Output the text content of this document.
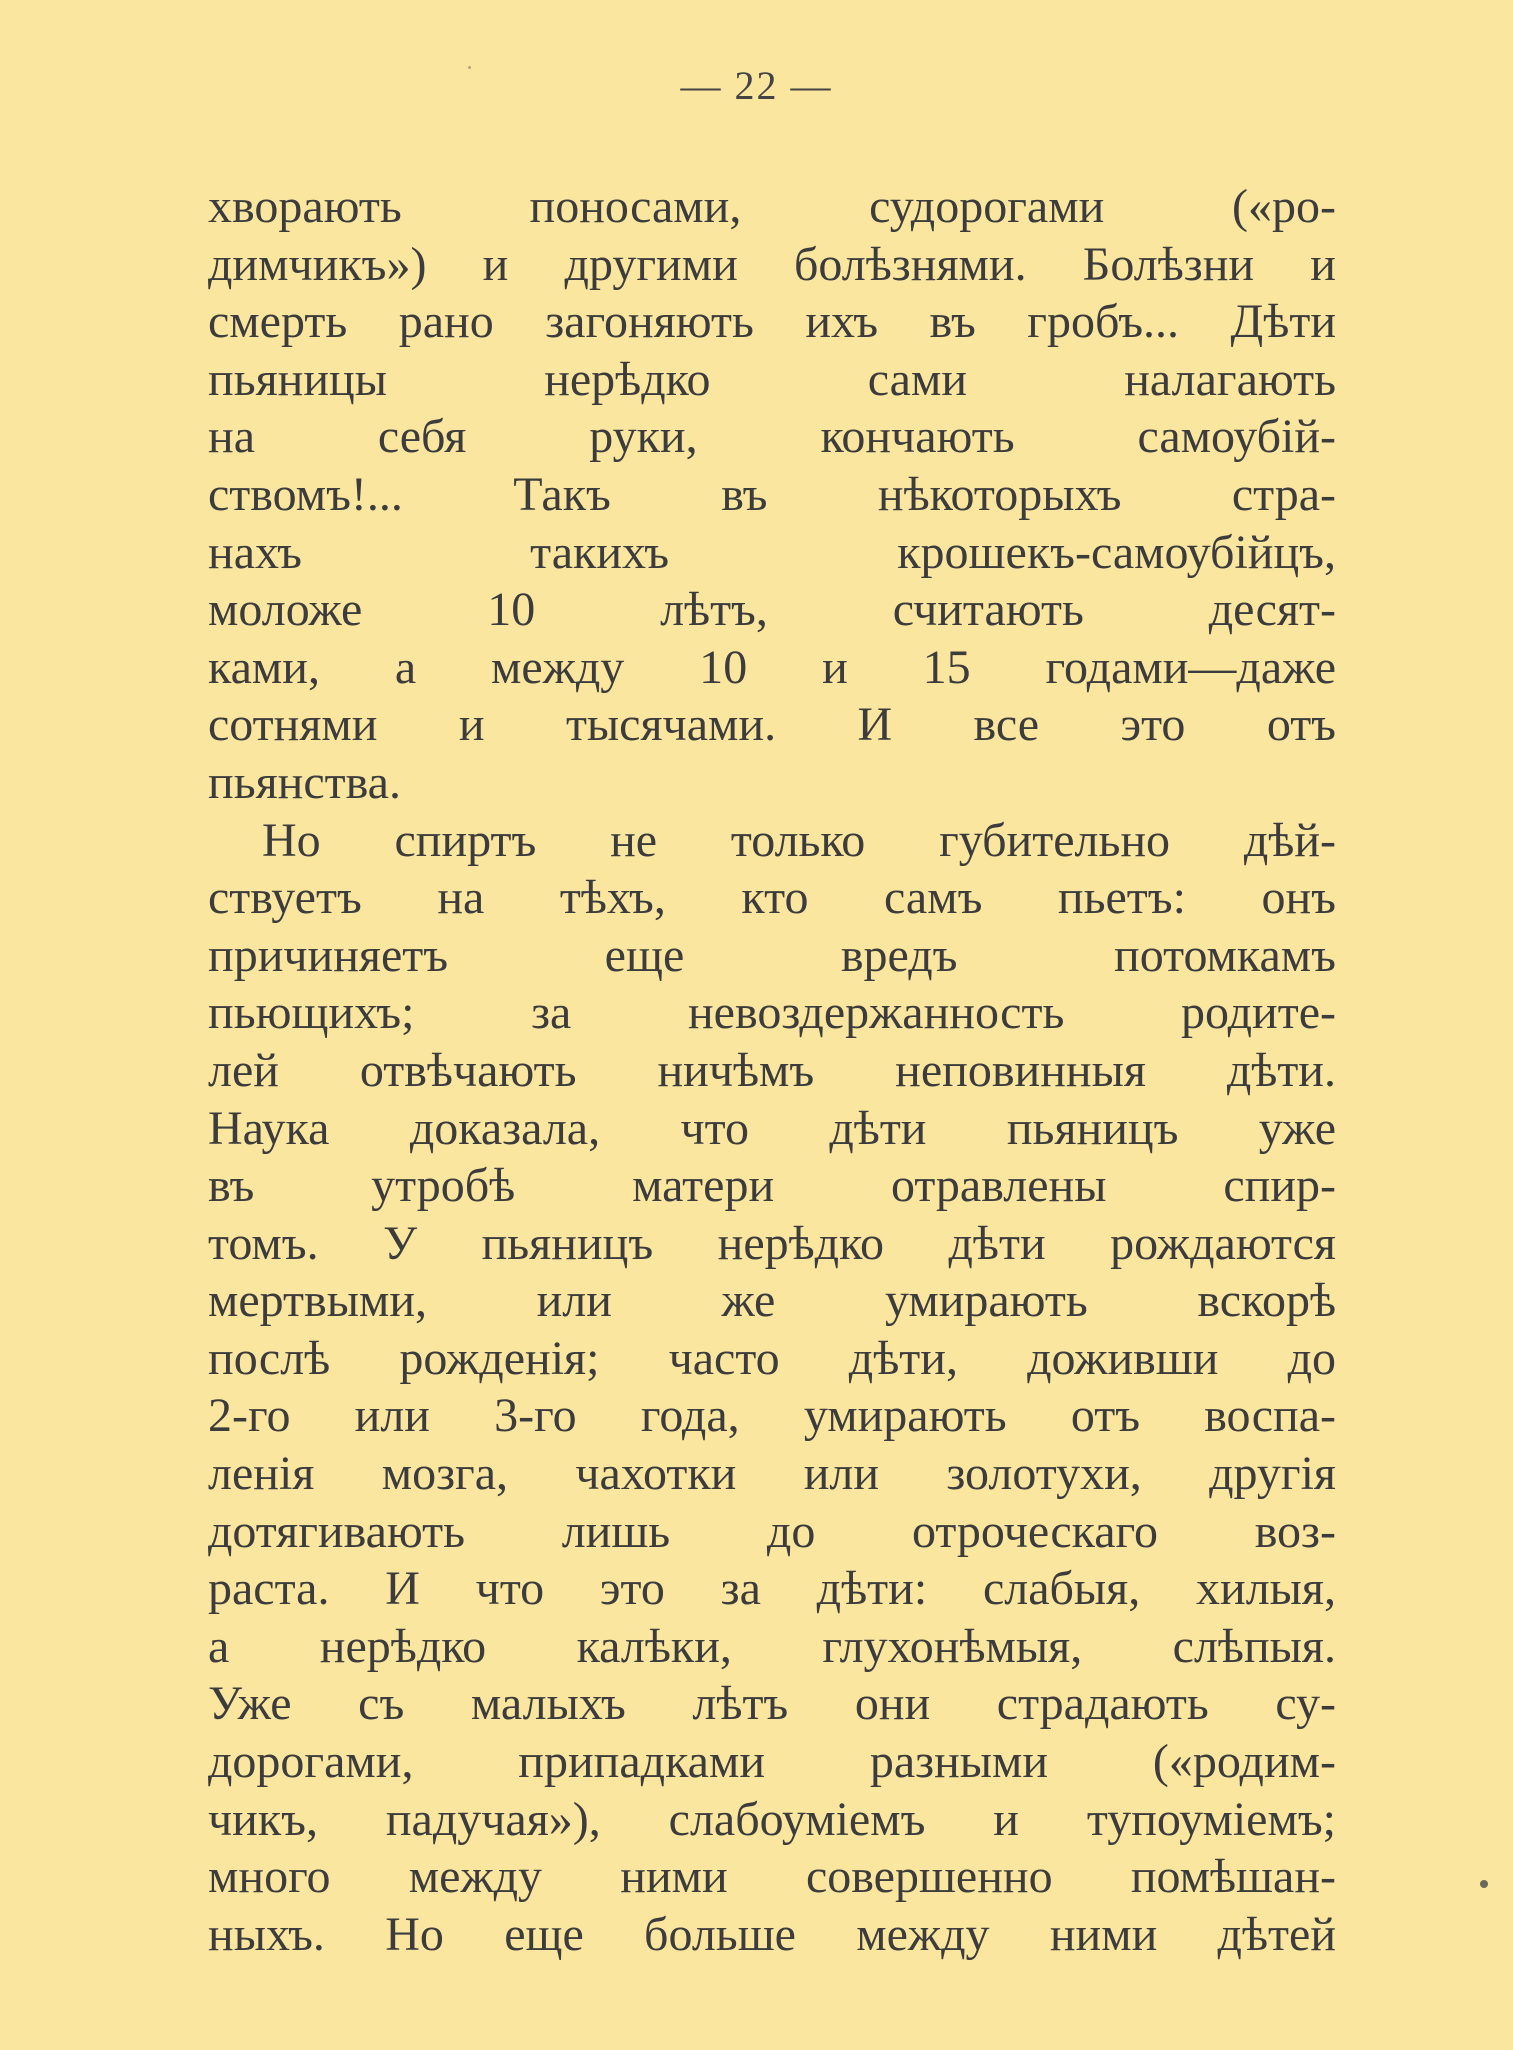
— 22 —
хворають поносами, судорогами («ро-
димчикъ») и другими болѣзнями. Болѣзни и
смерть рано загоняють ихъ въ гробъ... Дѣти
пьяницы нерѣдко сами налагають
на себя руки, кончають самоубій-
ствомъ!... Такъ въ нѣкоторыхъ стра-
нахъ такихъ крошекъ-самоубійцъ,
моложе 10 лѣтъ, считають десят-
ками, а между 10 и 15 годами—даже
сотнями и тысячами. И все это отъ
пьянства.
Но спиртъ не только губительно дѣй-
ствуетъ на тѣхъ, кто самъ пьетъ: онъ
причиняетъ еще вредъ потомкамъ
пьющихъ; за невоздержанность родите-
лей отвѣчають ничѣмъ неповинныя дѣти.
Наука доказала, что дѣти пьяницъ уже
въ утробѣ матери отравлены спир-
томъ. У пьяницъ нерѣдко дѣти рождаются
мертвыми, или же умирають вскорѣ
послѣ рожденія; часто дѣти, доживши до
2-го или 3-го года, умирають отъ воспа-
ленія мозга, чахотки или золотухи, другія
дотягивають лишь до отроческаго воз-
раста. И что это за дѣти: слабыя, хилыя,
а нерѣдко калѣки, глухонѣмыя, слѣпыя.
Уже съ малыхъ лѣтъ они страдають су-
дорогами, припадками разными («родим-
чикъ, падучая»), слабоуміемъ и тупоуміемъ;
много между ними совершенно помѣшан-
ныхъ. Но еще больше между ними дѣтей
